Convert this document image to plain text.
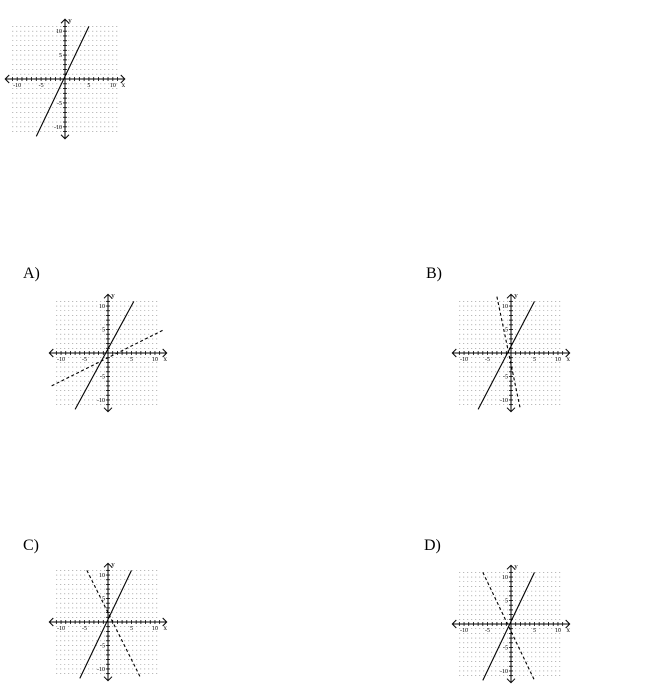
-10	-5	5	10
10
5
-5
-10
x
y
A)
-10	-5	5	10
10
5
-5
-10
x
y
B)
-10	-5	5	10
10
5
-5
-10
x
y
C)
-10	-5	5	10
10
5
-5
-10
x
y
D)
-10	-5	5	10
10
5
-5
-10
x
y
